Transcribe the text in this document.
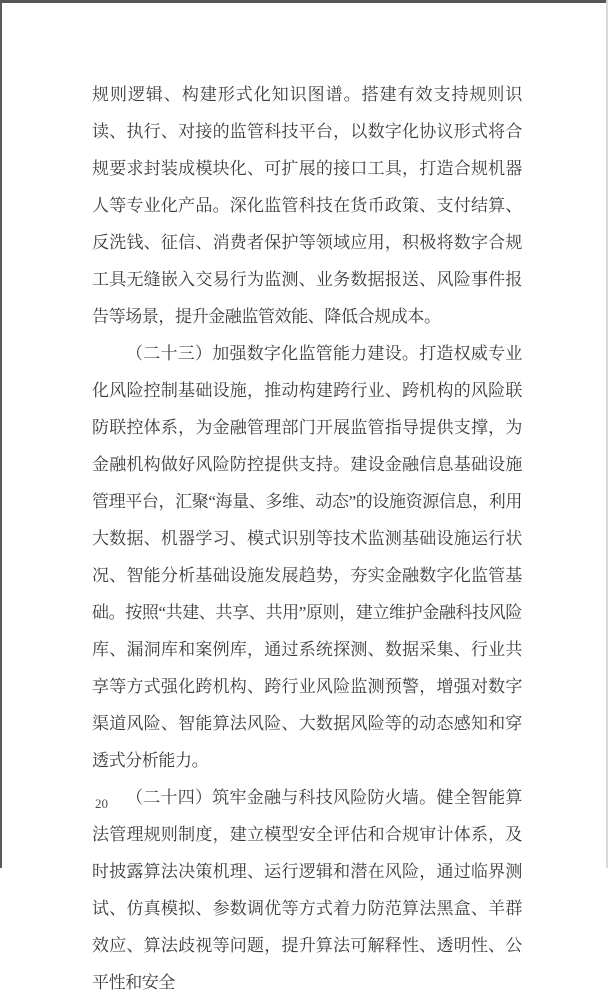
规则逻辑、构建形式化知识图谱。搭建有效支持规则识读、执行、对接的监管科技平台，以数字化协议形式将合规要求封装成模块化、可扩展的接口工具，打造合规机器人等专业化产品。深化监管科技在货币政策、支付结算、反洗钱、征信、消费者保护等领域应用，积极将数字合规工具无缝嵌入交易行为监测、业务数据报送、风险事件报告等场景，提升金融监管效能、降低合规成本。

（二十三）加强数字化监管能力建设。打造权威专业化风险控制基础设施，推动构建跨行业、跨机构的风险联防联控体系，为金融管理部门开展监管指导提供支撑，为金融机构做好风险防控提供支持。建设金融信息基础设施管理平台，汇聚“海量、多维、动态”的设施资源信息，利用大数据、机器学习、模式识别等技术监测基础设施运行状况、智能分析基础设施发展趋势，夯实金融数字化监管基础。按照“共建、共享、共用”原则，建立维护金融科技风险库、漏洞库和案例库，通过系统探测、数据采集、行业共享等方式强化跨机构、跨行业风险监测预警，增强对数字渠道风险、智能算法风险、大数据风险等的动态感知和穿透式分析能力。

（二十四）筑牢金融与科技风险防火墙。健全智能算法管理规则制度，建立模型安全评估和合规审计体系，及时披露算法决策机理、运行逻辑和潜在风险，通过临界测试、仿真模拟、参数调优等方式着力防范算法黑盒、羊群效应、算法歧视等问题，提升算法可解释性、透明性、公平性和安全

20
